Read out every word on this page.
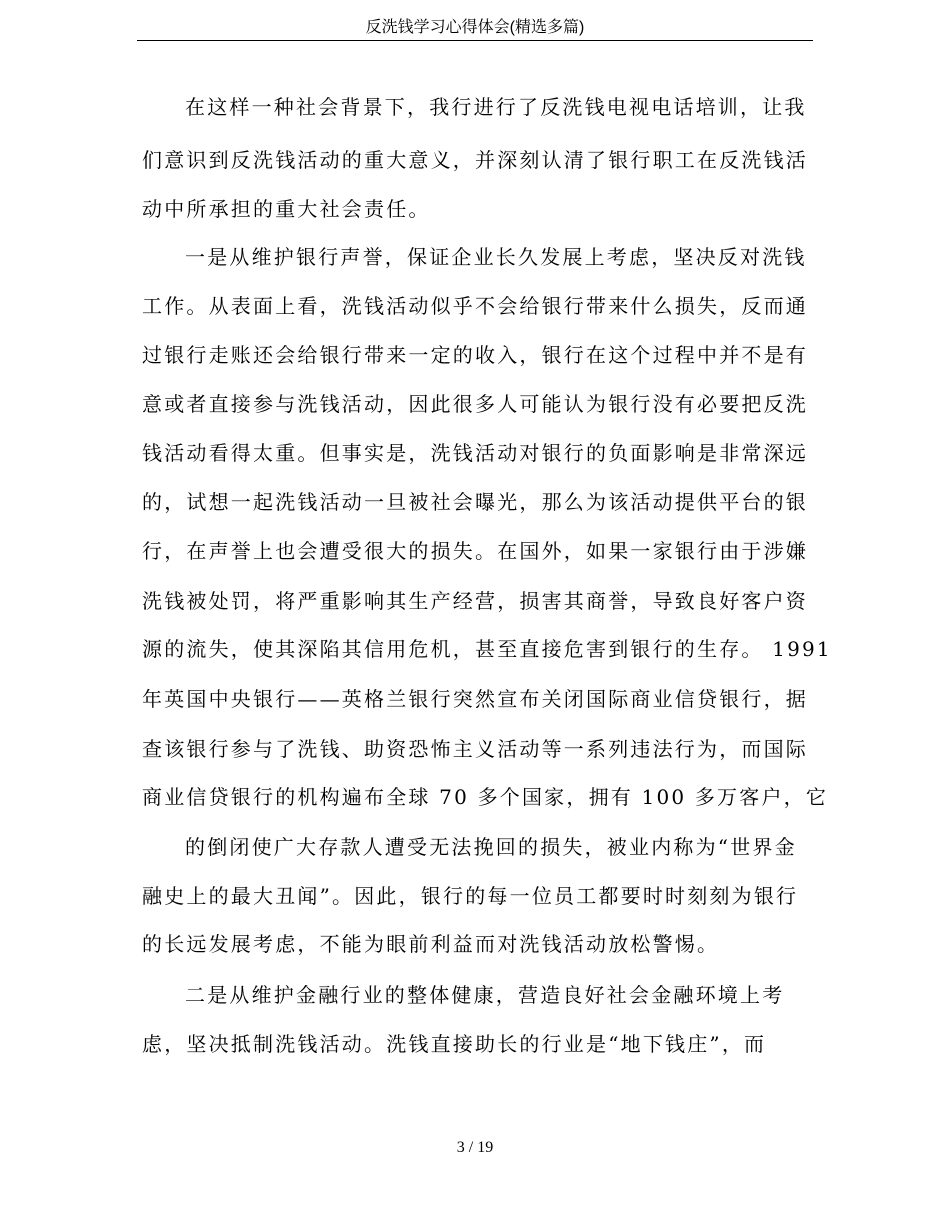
反洗钱学习心得体会(精选多篇)
在这样一种社会背景下，我行进行了反洗钱电视电话培训，让我
们意识到反洗钱活动的重大意义，并深刻认清了银行职工在反洗钱活
动中所承担的重大社会责任。
一是从维护银行声誉，保证企业长久发展上考虑，坚决反对洗钱
工作。从表面上看，洗钱活动似乎不会给银行带来什么损失，反而通
过银行走账还会给银行带来一定的收入，银行在这个过程中并不是有
意或者直接参与洗钱活动，因此很多人可能认为银行没有必要把反洗
钱活动看得太重。但事实是，洗钱活动对银行的负面影响是非常深远
的，试想一起洗钱活动一旦被社会曝光，那么为该活动提供平台的银
行，在声誉上也会遭受很大的损失。在国外，如果一家银行由于涉嫌
洗钱被处罚，将严重影响其生产经营，损害其商誉，导致良好客户资
源的流失，使其深陷其信用危机，甚至直接危害到银行的生存。 1991
年英国中央银行——英格兰银行突然宣布关闭国际商业信贷银行，据
查该银行参与了洗钱、助资恐怖主义活动等一系列违法行为，而国际
商业信贷银行的机构遍布全球 70 多个国家，拥有 100 多万客户，它
的倒闭使广大存款人遭受无法挽回的损失，被业内称为“世界金
融史上的最大丑闻”。因此，银行的每一位员工都要时时刻刻为银行
的长远发展考虑，不能为眼前利益而对洗钱活动放松警惕。
二是从维护金融行业的整体健康，营造良好社会金融环境上考
虑，坚决抵制洗钱活动。洗钱直接助长的行业是“地下钱庄”，而
3 / 19
